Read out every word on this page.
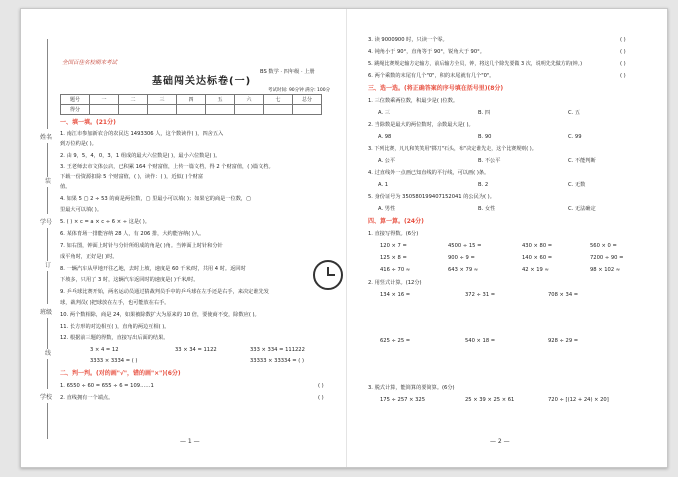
姓名
学号
班级
学校
装
订
线
全国百佳名校期末考试
BS 数学 · 四年级 · 上册
基础闯关达标卷(一)
考试时间: 90分钟 满分: 100分
题号	一	二	三	四	五	六	七	总分
得分								
一、填一填。(21分)
1. 南江市参加新农合的农民达 1493306 人，这个数读作( )，四舍五入
到万位约是( )。
2. 由 9，5，4，0，3，1 组成的最大六位数是( )，最小六位数是( )。
3. 王老师去市文体公店，已积累 164 个财富值，上传一篇文档，得 2 个财富值，( )篇文档。
下载一份资源扣除 5 个财富值，( )，读作：( )，近似( )个财富
值。
4. 如果 5 ▢ 2 ÷ 53 的商是两位数，▢ 里最小可以填( )；如果它的商是一位数，▢
里最大可以填( )。
5. ( ) × c = a × c ÷ 6 × ÷ 这是( )。
6. 某体育场一排能容纳 28 人，有 206 排，大约能容纳( )人。
7. 如右图，钟面上时针与分针所组成的角是( )角。当钟面上时针和分针
成平角时，正好是( )时。
8. 一辆汽车从甲地开往乙地，去时上坡，速度是 60 千米/时，共用 4 时。返回时
下坡多，只用了 3 时，这辆汽车返回时的速度是( )千米/时。
9. 乒乓球比赛开始，两名运动员通过猜裁判员手中的乒乓球在左手还是右手，来决定谁先发
球，裁判员( )把球放在左手，也可能放在右手。
10. 两个数相除，商是 24，如果被除数扩大为原来的 10 倍，要使商不变，除数应( )。
11. 长方形的对边相互( )，直角的两边互相( )。
12. 根据前三题的得数，直接写出后面的结果。
3 × 4 = 12	33 × 34 = 1122	333 × 334 = 111222
3333 × 3334 = ( )	33333 × 33334 = ( )
二、判一判。(对的画"√"，错的画"×")(6分)
1. 6550 ÷ 60 = 655 ÷ 6 = 109……1	( )
2. 直线拥有一个端点。	( )
— 1 —
3. 读 9000900 时，只读一个零。	( )
4. 钝角小于 90°，直角等于 90°，锐角大于 90°。	( )
5. 跳绳比赛规定输方定输方，前后输方全员，钟，将这几个除先要做 3 次，说明先先做方的(钟。)	( )
6. 两个乘数的末尾有几个"0"，积的末尾就有几个"0"。	( )
三、选一选。(将正确答案的序号填在括号里)(8分)
1. 三位数乘两位数，积最少是( )位数。
A. 三	B. 四	C. 五
2. 当除数是最大的两位数时，余数最大是( )。
A. 98	B. 90	C. 99
3. 下列比赛，凡凡和笑笑用"掷刀"石头，布"决定谁先走，这个比赛规则( )。
A. 公平	B. 不公平	C. 不能判断
4. 过直线外一点画已知直线的平行线，可以画( )条。
A. 1	B. 2	C. 无数
5. 身份证号为 350580199407152041 的公民为( )。
A. 男性	B. 女性	C. 无法确定
四、算一算。(24分)
1. 直接写得数。(6分)
120 × 7 =	4500 ÷ 15 =	430 × 80 =	560 × 0 =
125 × 8 =	900 ÷ 9 =	140 × 60 =	7200 ÷ 90 =
416 ÷ 70 ≈	643 × 79 ≈	42 × 19 ≈	98 × 102 ≈
2. 用竖式计算。(12分)
134 × 16 =	372 ÷ 31 =	708 × 34 =
625 ÷ 25 =	540 × 18 =	928 ÷ 29 =
3. 脱式计算，能简算的要简算。(6分)
175 ÷ 257 × 325	25 × 39 × 25 × 61	720 ÷ [(12 + 24) × 20]
— 2 —
